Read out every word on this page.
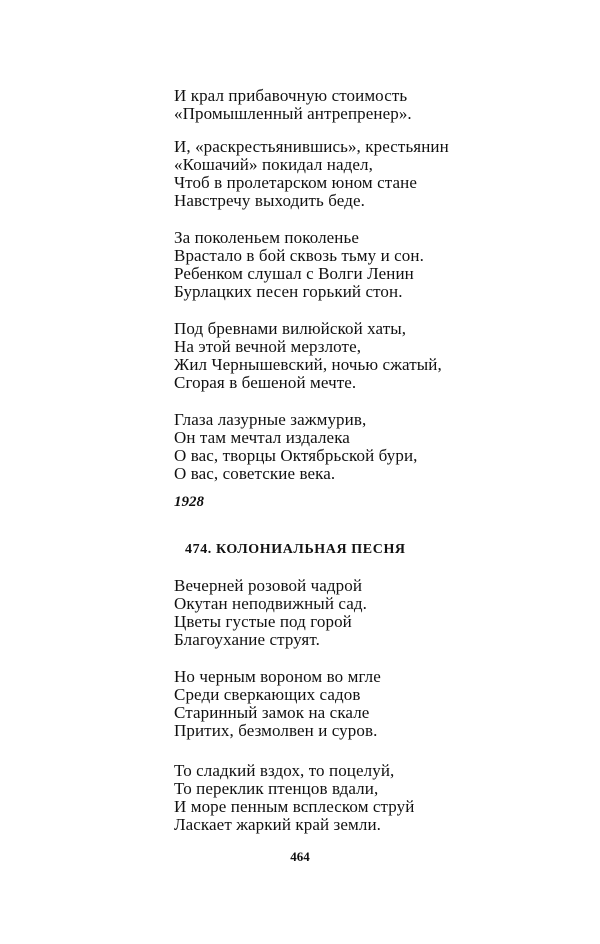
И крал прибавочную стоимость
«Промышленный антрепренер».
И, «раскрестьянившись», крестьянин
«Кошачий» покидал надел,
Чтоб в пролетарском юном стане
Навстречу выходить беде.
За поколеньем поколенье
Врастало в бой сквозь тьму и сон.
Ребенком слушал с Волги Ленин
Бурлацких песен горький стон.
Под бревнами вилюйской хаты,
На этой вечной мерзлоте,
Жил Чернышевский, ночью сжатый,
Сгорая в бешеной мечте.
Глаза лазурные зажмурив,
Он там мечтал издалека
О вас, творцы Октябрьской бури,
О вас, советские века.
1928
474. КОЛОНИАЛЬНАЯ ПЕСНЯ
Вечерней розовой чадрой
Окутан неподвижный сад.
Цветы густые под горой
Благоухание струят.
Но черным вороном во мгле
Среди сверкающих садов
Старинный замок на скале
Притих, безмолвен и суров.
То сладкий вздох, то поцелуй,
То переклик птенцов вдали,
И море пенным всплеском струй
Ласкает жаркий край земли.
464
